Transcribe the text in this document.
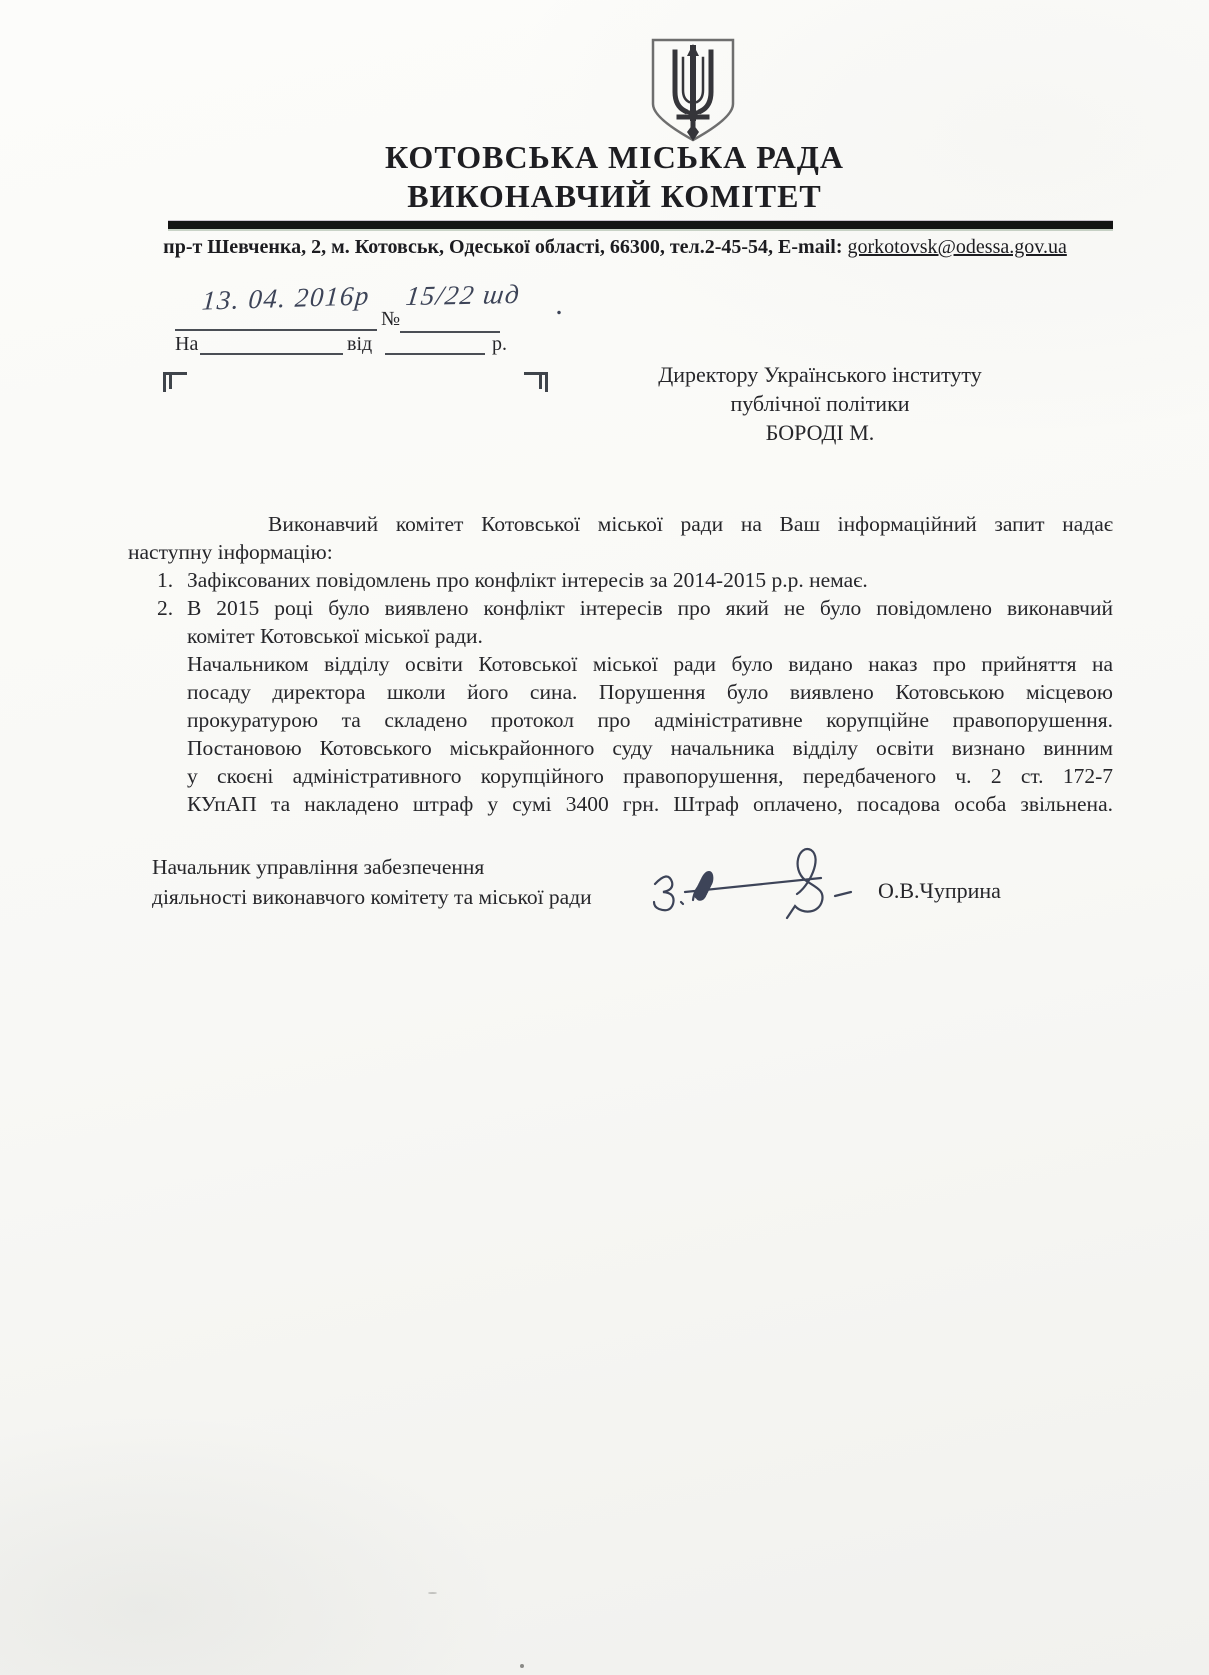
КОТОВСЬКА МІСЬКА РАДА
ВИКОНАВЧИЙ КОМІТЕТ
пр-т Шевченка, 2, м. Котовськ, Одеської області, 66300, тел.2-45-54, E-mail: gorkotovsk@odessa.gov.ua
13. 04. 2016р
№
15/22 шд .
На	від	р.
Директору Українського інституту
публічної політики
БОРОДІ М.
Виконавчий комітет Котовської міської ради на Ваш інформаційний запит надає
наступну інформацію:
1. Зафіксованих повідомлень про конфлікт інтересів за 2014-2015 р.р. немає.
2. В 2015 році було виявлено конфлікт інтересів про який не було повідомлено виконавчий
комітет Котовської міської ради.
Начальником відділу освіти Котовської міської ради було видано наказ про прийняття на
посаду директора школи його сина. Порушення було виявлено Котовською місцевою
прокуратурою та складено протокол про адміністративне корупційне правопорушення.
Постановою Котовського міськрайонного суду начальника відділу освіти визнано винним
у скоєні адміністративного корупційного правопорушення, передбаченого ч. 2 ст. 172-7
КУпАП та накладено штраф у сумі 3400 грн. Штраф оплачено, посадова особа звільнена.
Начальник управління забезпечення
діяльності виконавчого комітету та міської ради	О.В.Чуприна
